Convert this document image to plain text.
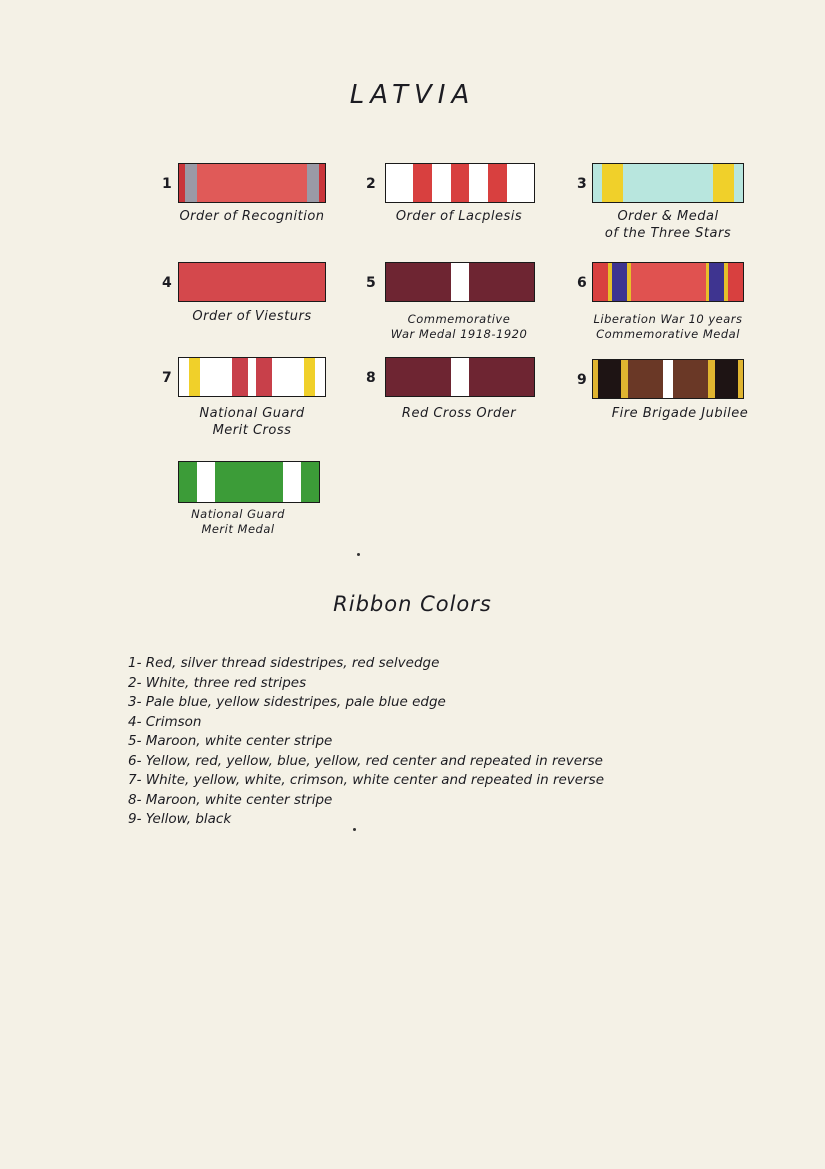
LATVIA
1
Order of Recognition
2
Order of Lacplesis
3
Order & Medal
of the Three Stars
4
Order of Viesturs
5
Commemorative
War Medal 1918-1920
6
Liberation War 10 years
Commemorative Medal
7
National Guard
Merit Cross
8
Red Cross Order
9
Fire Brigade Jubilee
National Guard
Merit Medal
Ribbon Colors
1- Red, silver thread sidestripes, red selvedge
2- White, three red stripes
3- Pale blue, yellow sidestripes, pale blue edge
4- Crimson
5- Maroon, white center stripe
6- Yellow, red, yellow, blue, yellow, red center and repeated in reverse
7- White, yellow, white, crimson, white center and repeated in reverse
8- Maroon, white center stripe
9- Yellow, black
